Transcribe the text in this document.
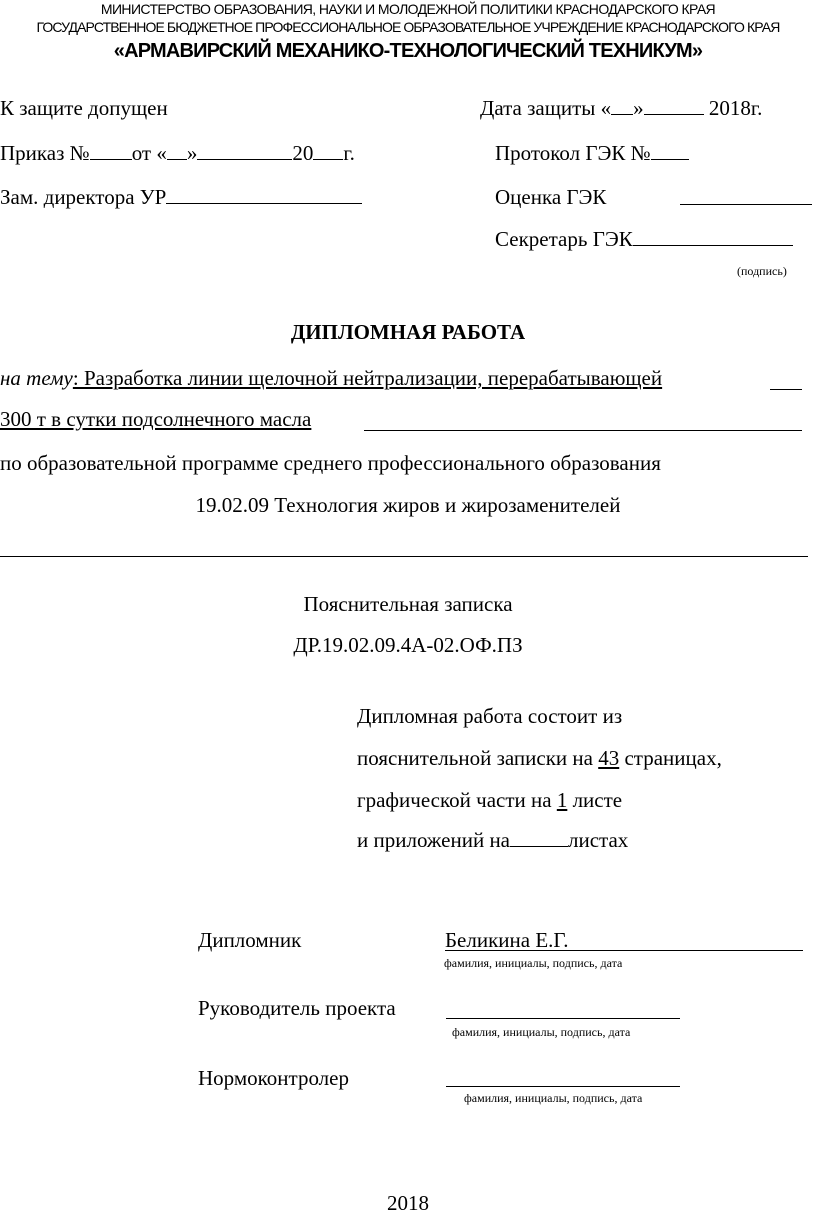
МИНИСТЕРСТВО ОБРАЗОВАНИЯ, НАУКИ И МОЛОДЕЖНОЙ ПОЛИТИКИ КРАСНОДАРСКОГО КРАЯ
ГОСУДАРСТВЕННОЕ БЮДЖЕТНОЕ ПРОФЕССИОНАЛЬНОЕ ОБРАЗОВАТЕЛЬНОЕ УЧРЕЖДЕНИЕ КРАСНОДАРСКОГО КРАЯ
«АРМАВИРСКИЙ МЕХАНИКО-ТЕХНОЛОГИЧЕСКИЙ ТЕХНИКУМ»
К защите допущен
Приказ № от « »	20 г.
Зам. директора УР
Дата защиты « »	2018г.
Протокол ГЭК №
Оценка ГЭК
Секретарь ГЭК
(подпись)
ДИПЛОМНАЯ РАБОТА
на тему: Разработка линии щелочной нейтрализации, перерабатывающей
300 т в сутки подсолнечного масла
по образовательной программе среднего профессионального образования
19.02.09 Технология жиров и жирозаменителей
Пояснительная записка
ДР.19.02.09.4А-02.ОФ.ПЗ
Дипломная работа состоит из
пояснительной записки на 43 страницах,
графической части на 1 листе
и приложений на	листах
Дипломник	Беликина Е.Г.
фамилия, инициалы, подпись, дата
Руководитель проекта
фамилия, инициалы, подпись, дата
Нормоконтролер
фамилия, инициалы, подпись, дата
2018
